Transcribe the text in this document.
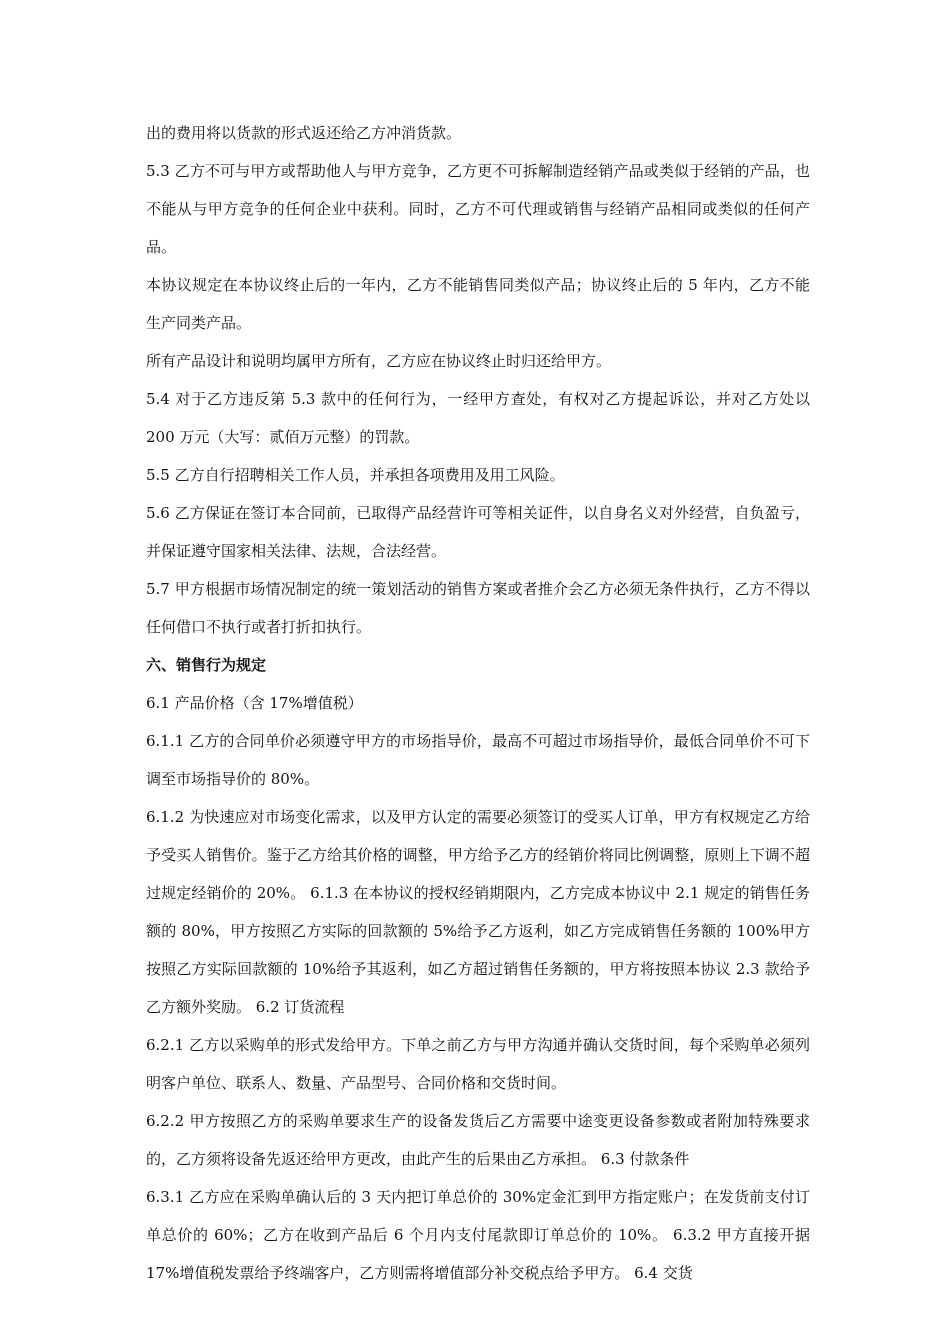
出的费用将以货款的形式返还给乙方冲消货款。

5.3 乙方不可与甲方或帮助他人与甲方竞争，乙方更不可拆解制造经销产品或类似于经销的产品，也不能从与甲方竞争的任何企业中获利。同时，乙方不可代理或销售与经销产品相同或类似的任何产品。

本协议规定在本协议终止后的一年内，乙方不能销售同类似产品；协议终止后的 5 年内，乙方不能生产同类产品。

所有产品设计和说明均属甲方所有，乙方应在协议终止时归还给甲方。

5.4 对于乙方违反第 5.3 款中的任何行为，一经甲方查处，有权对乙方提起诉讼，并对乙方处以 200 万元（大写：贰佰万元整）的罚款。

5.5 乙方自行招聘相关工作人员，并承担各项费用及用工风险。

5.6 乙方保证在签订本合同前，已取得产品经营许可等相关证件，以自身名义对外经营，自负盈亏，并保证遵守国家相关法律、法规，合法经营。

5.7 甲方根据市场情况制定的统一策划活动的销售方案或者推介会乙方必须无条件执行，乙方不得以任何借口不执行或者打折扣执行。

六、销售行为规定

6.1 产品价格（含 17%增值税）

6.1.1 乙方的合同单价必须遵守甲方的市场指导价，最高不可超过市场指导价，最低合同单价不可下调至市场指导价的 80%。

6.1.2 为快速应对市场变化需求，以及甲方认定的需要必须签订的受买人订单，甲方有权规定乙方给予受买人销售价。鉴于乙方给其价格的调整，甲方给予乙方的经销价将同比例调整，原则上下调不超过规定经销价的 20%。 6.1.3 在本协议的授权经销期限内，乙方完成本协议中 2.1 规定的销售任务额的 80%，甲方按照乙方实际的回款额的 5%给予乙方返利，如乙方完成销售任务额的 100%甲方按照乙方实际回款额的 10%给予其返利，如乙方超过销售任务额的，甲方将按照本协议 2.3 款给予乙方额外奖励。 6.2 订货流程

6.2.1 乙方以采购单的形式发给甲方。下单之前乙方与甲方沟通并确认交货时间，每个采购单必须列明客户单位、联系人、数量、产品型号、合同价格和交货时间。

6.2.2 甲方按照乙方的采购单要求生产的设备发货后乙方需要中途变更设备参数或者附加特殊要求的，乙方须将设备先返还给甲方更改，由此产生的后果由乙方承担。 6.3 付款条件

6.3.1 乙方应在采购单确认后的 3 天内把订单总价的 30%定金汇到甲方指定账户；在发货前支付订单总价的 60%；乙方在收到产品后 6 个月内支付尾款即订单总价的 10%。 6.3.2 甲方直接开据 17%增值税发票给予终端客户，乙方则需将增值部分补交税点给予甲方。 6.4 交货
